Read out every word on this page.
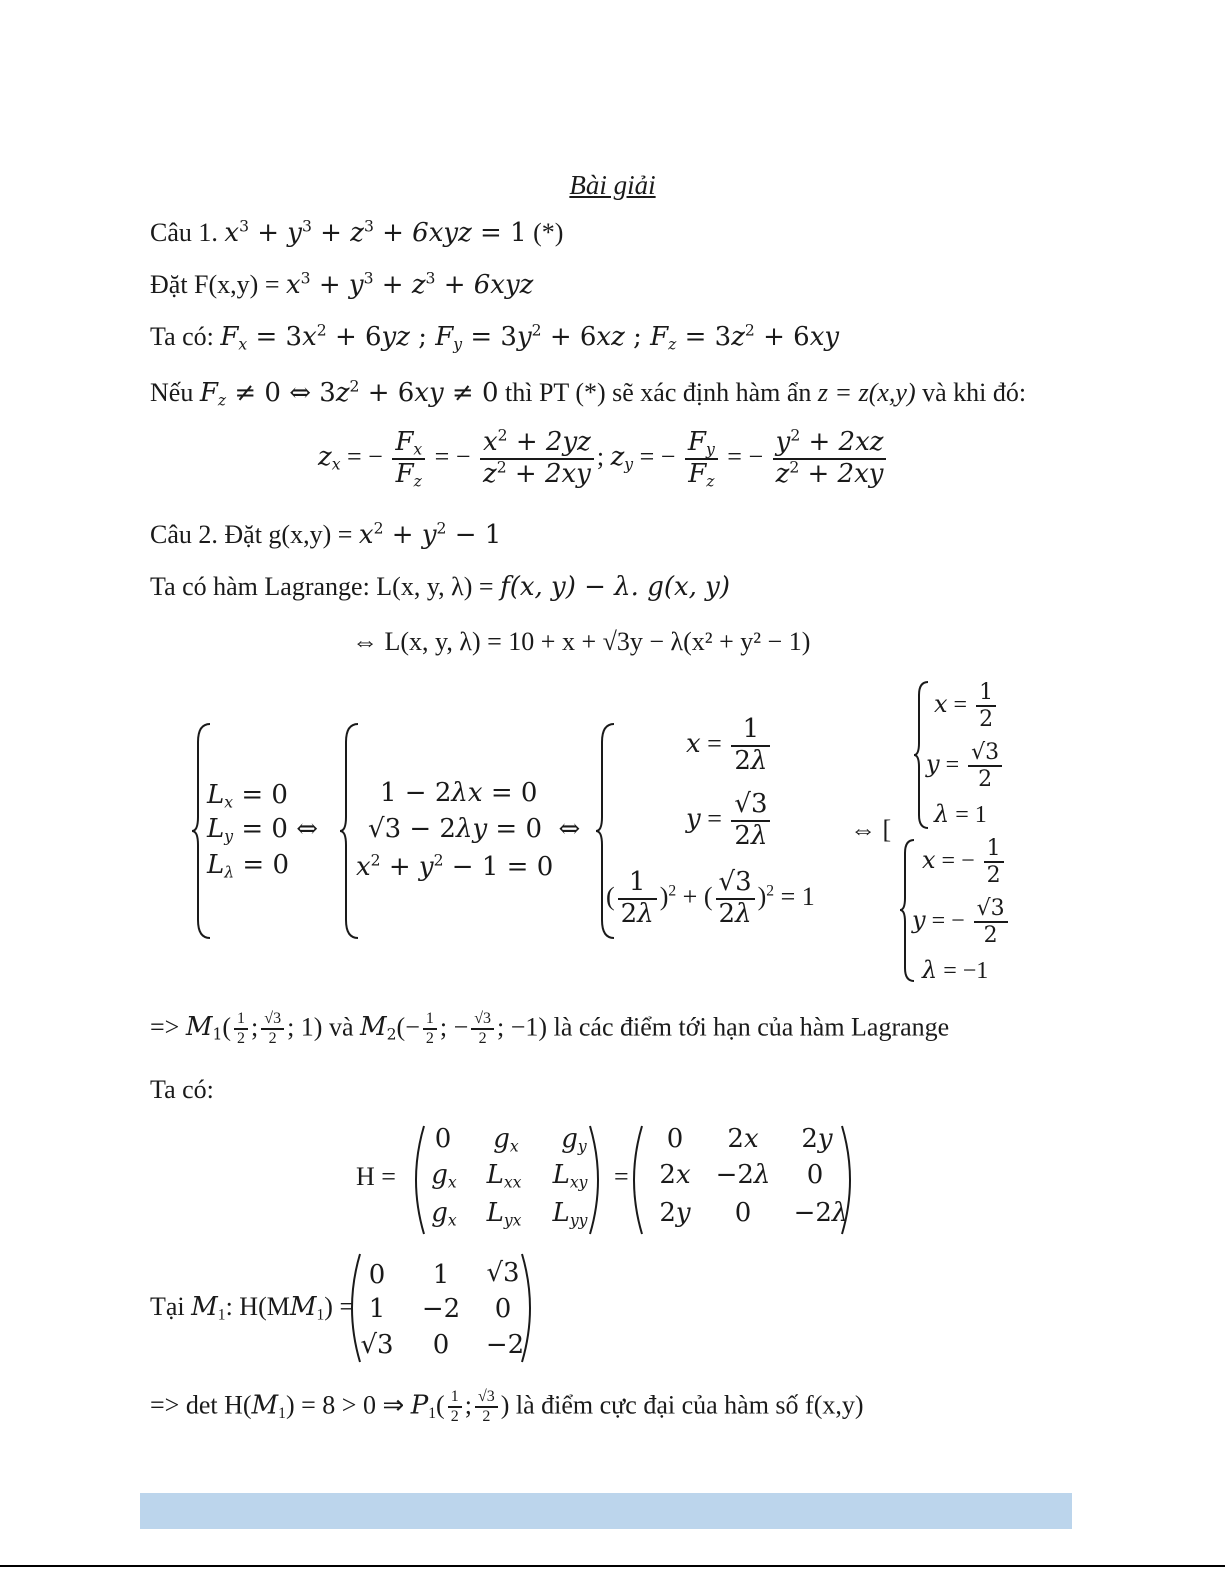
Bài giải
Câu 1. $x^3 + y^3 + z^3 + 6xyz = 1$ (*)
Đặt $F(x,y) = x^3 + y^3 + z^3 + 6xyz$
Ta có: $F_x = 3x^2 + 6yz$ ; $F_y = 3y^2 + 6xz$ ; $F_z = 3z^2 + 6xy$
Nếu $F_z \ne 0$ ⇔ $3z^2 + 6xy \ne 0$ thì PT (*) sẽ xác định hàm ẩn z = z(x,y) và khi đó:
$z_x$ = − $\frac{F_x}{F_z}$ = − $\frac{x^2 + 2yz}{z^2 + 2xy}$ ; $z_y$ = − $\frac{F_y}{F_z}$ = − $\frac{y^2 + 2xz}{z^2 + 2xy}$
Câu 2. Đặt $g(x,y) = x^2 + y^2 - 1$
Ta có hàm Lagrange: L(x, y, λ) = f(x, y) − λ. g(x, y)
⇔ L(x, y, λ) = 10 + x + √3y − λ(x² + y² − 1)
$L_x = 0$
$L_y = 0$ ⇔
$L_\lambda = 0$
1 − 2λx = 0
√3 − 2λy = 0  ⇔
$x^2 + y^2 - 1 = 0$
$x = \frac{1}{2\lambda}$
$y = \frac{√3}{2\lambda}$
( $\frac{1}{2\lambda} )^2$ + ( $\frac{√3}{2\lambda} )^2 = 1$
⇔ [
$x = \frac{1}{2}$
$y = \frac{√3}{2}$
λ = 1
x = − $\frac{1}{2}$
y = − $\frac{√3}{2}$
λ = −1
=> $M_1( \frac{1}{2}$ ; $\frac{√3}{2}$ ; 1) và $M_2(- \frac{1}{2}$ ; − $\frac{√3}{2}$ ; −1) là các điểm tới hạn của hàm Lagrange
Ta có:
H =	=
0 $g_x$ $g_y$
$g_x$ $L_{xx}$ $L_{xy}$
$g_x$ $L_{yx}$ $L_{yy}$
0	2x	2y
2x −2λ 0
2y 0 −2λ
Tại $M_1$: $H(MM_1)$ =
0 1 √3
1 −2 0
√3 0 −2
=> $\det H(M_1) = 8 > 0$ ⇒ $P_1( \frac{1}{2}$ ; $\frac{√3}{2}$ ) là điểm cực đại của hàm số f(x,y)
